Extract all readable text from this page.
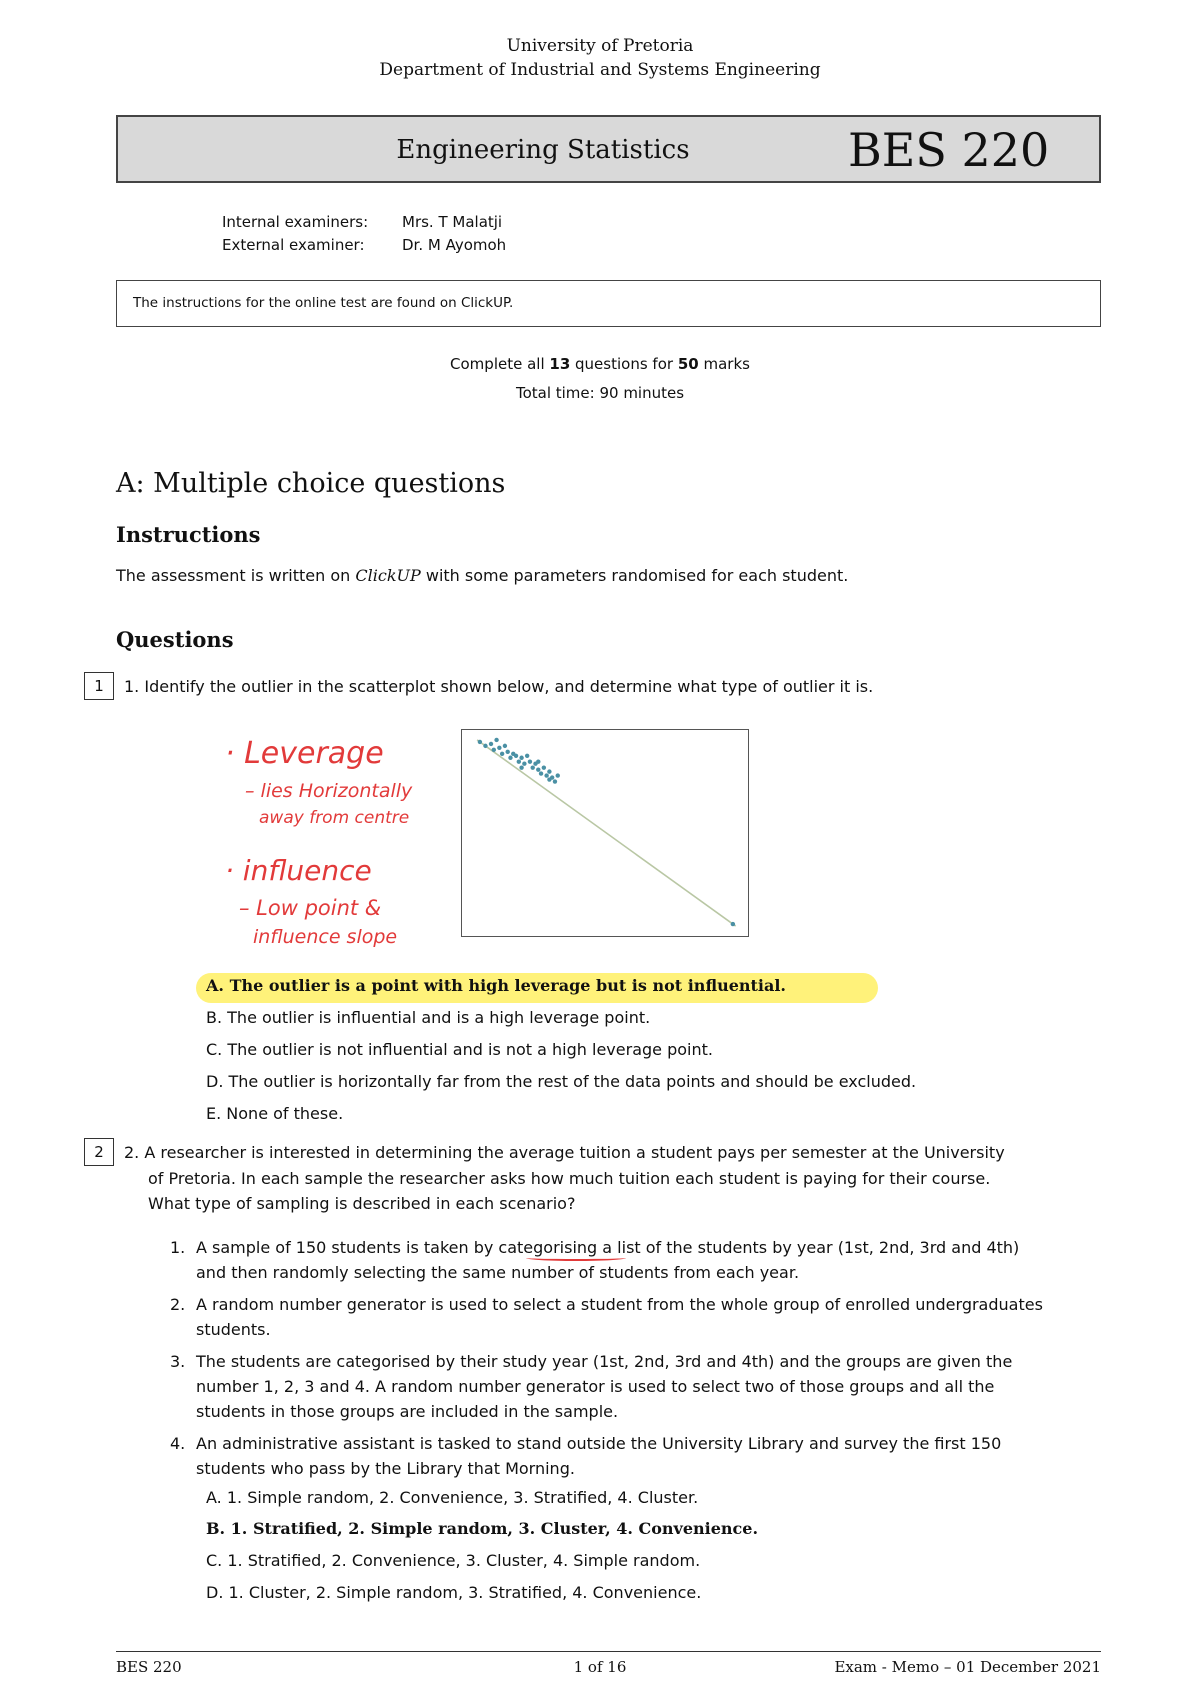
University of Pretoria
Department of Industrial and Systems Engineering
Engineering Statistics	BES 220
Internal examiners: Mrs. T Malatji
External examiner: Dr. M Ayomoh
The instructions for the online test are found on ClickUP.
Complete all 13 questions for 50 marks
Total time: 90 minutes
A: Multiple choice questions
Instructions
The assessment is written on ClickUP with some parameters randomised for each student.
Questions
1	1. Identify the outlier in the scatterplot shown below, and determine what type of outlier it is.
· Leverage
– lies Horizontally
away from centre
· influence
– Low point &
influence slope
A. The outlier is a point with high leverage but is not influential.
B. The outlier is influential and is a high leverage point.
C. The outlier is not influential and is not a high leverage point.
D. The outlier is horizontally far from the rest of the data points and should be excluded.
E. None of these.
2	2. A researcher is interested in determining the average tuition a student pays per semester at the University
of Pretoria. In each sample the researcher asks how much tuition each student is paying for their course.
What type of sampling is described in each scenario?
1. A sample of 150 students is taken by categorising a list of the students by year (1st, 2nd, 3rd and 4th)
and then randomly selecting the same number of students from each year.
2. A random number generator is used to select a student from the whole group of enrolled undergraduates
students.
3. The students are categorised by their study year (1st, 2nd, 3rd and 4th) and the groups are given the
number 1, 2, 3 and 4. A random number generator is used to select two of those groups and all the
students in those groups are included in the sample.
4. An administrative assistant is tasked to stand outside the University Library and survey the first 150
students who pass by the Library that Morning.
A. 1. Simple random, 2. Convenience, 3. Stratified, 4. Cluster.
B. 1. Stratified, 2. Simple random, 3. Cluster, 4. Convenience.
C. 1. Stratified, 2. Convenience, 3. Cluster, 4. Simple random.
D. 1. Cluster, 2. Simple random, 3. Stratified, 4. Convenience.
BES 220	1 of 16	Exam - Memo – 01 December 2021
